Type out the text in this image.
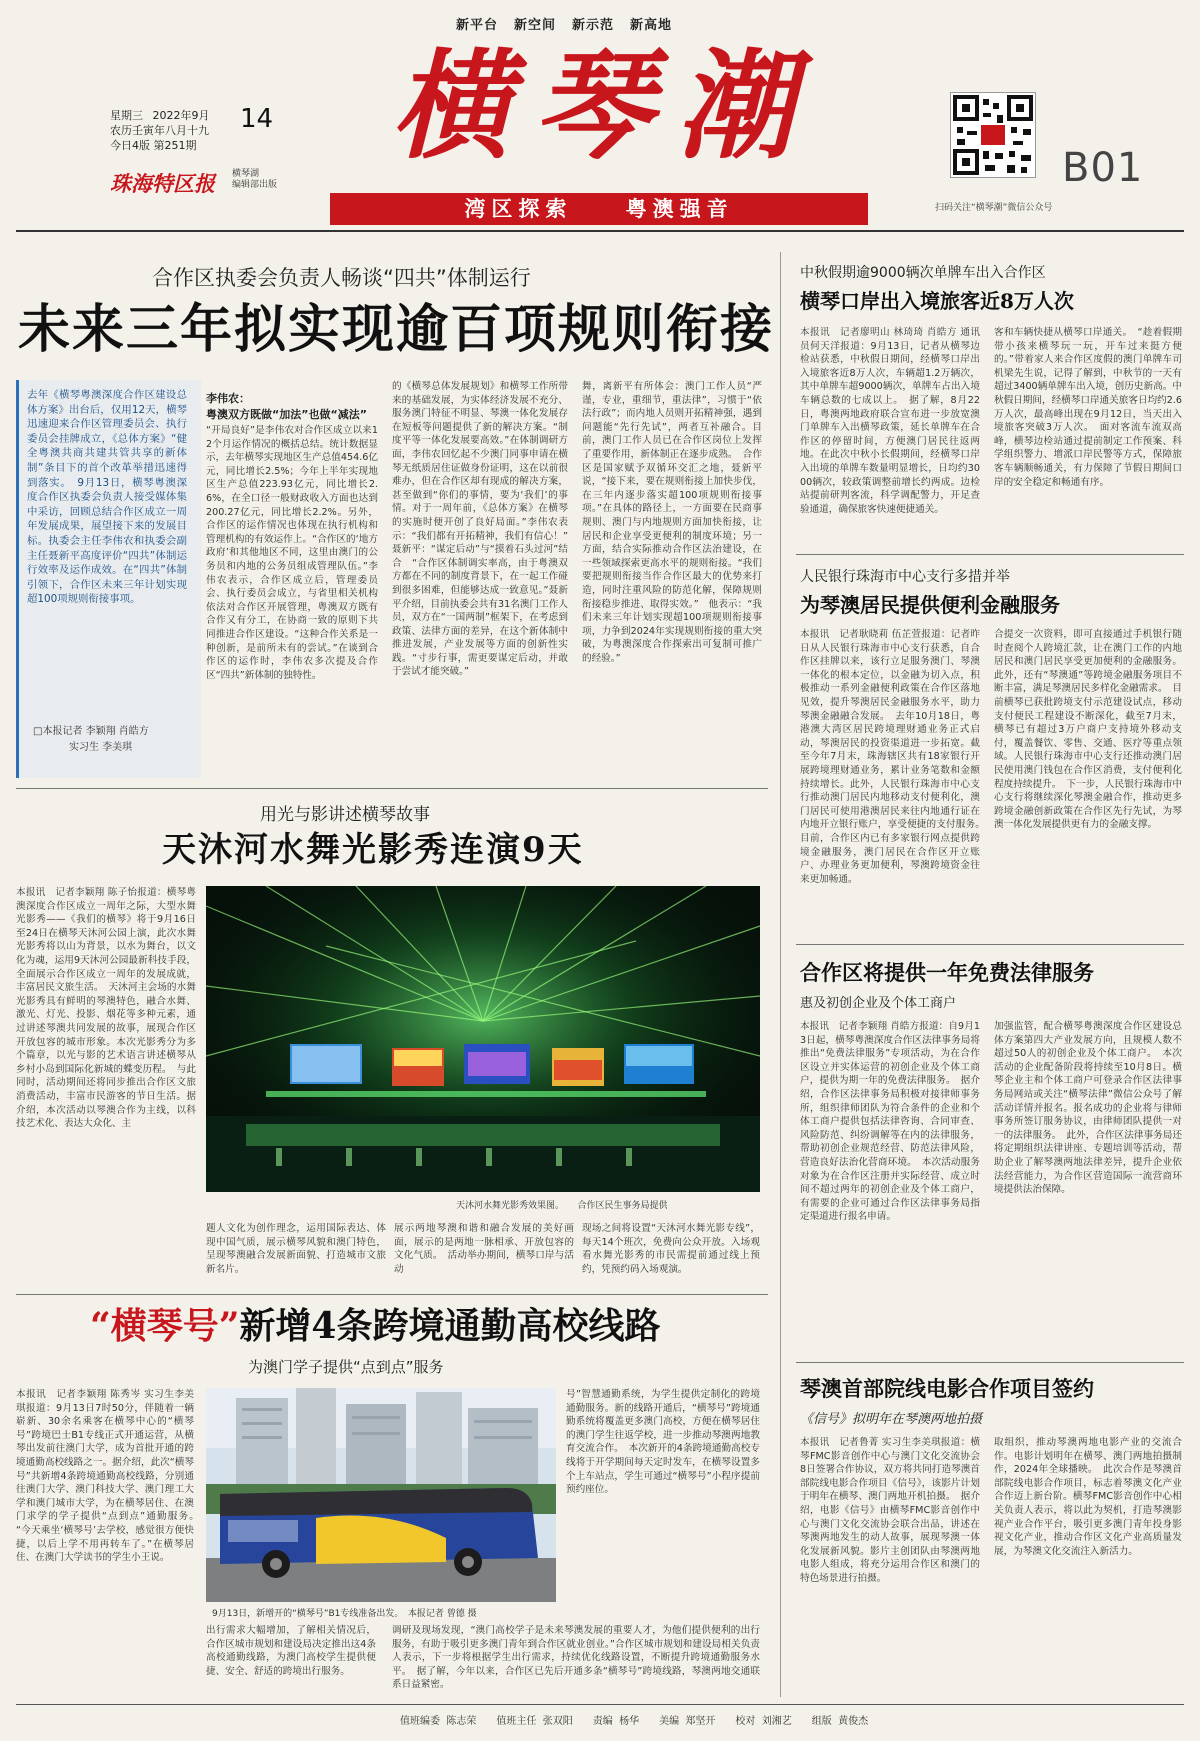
新平台 新空间 新示范 新高地
星期三 2022年9月
农历壬寅年八月十九
今日4版 第251期
14
珠海特区报 横琴湖
编辑部出版
横琴潮
湾区探索    粤澳强音
B01
扫码关注“横琴潮”微信公众号
合作区执委会负责人畅谈“四共”体制运行
未来三年拟实现逾百项规则衔接
去年《横琴粤澳深度合作区建设总体方案》出台后，仅用12天，横琴迅速迎来合作区管理委员会、执行委员会挂牌成立，《总体方案》“健全粤澳共商共建共管共享的新体制”条目下的首个改革举措迅速得到落实。　9月13日，横琴粤澳深度合作区执委会负责人接受媒体集中采访，回顾总结合作区成立一周年发展成果，展望接下来的发展目标。执委会主任李伟农和执委会副主任聂新平高度评价“四共”体制运行效率及运作成效。在“四共”体制引领下，合作区未来三年计划实现超100项规则衔接事项。
□本报记者 李颖翔 肖皓方
实习生 李美琪
李伟农：
粤澳双方既做“加法”也做“减法”
“开局良好”是李伟农对合作区成立以来12个月运作情况的概括总结。统计数据显示，去年横琴实现地区生产总值454.6亿元，同比增长2.5%；今年上半年实现地区生产总值223.93亿元，同比增长2.6%，在全口径一般财政收入方面也达到200.27亿元，同比增长2.2%。另外，合作区的运作情况也体现在执行机构和管理机构的有效运作上。“合作区的‘地方政府’和其他地区不同，这里由澳门的公务员和内地的公务员组成管理队伍。”李伟农表示，合作区成立后，管理委员会、执行委员会成立，与省里相关机构依法对合作区开展管理，粤澳双方既有合作又有分工，在协商一致的原则下共同推进合作区建设。“这种合作关系是一种创新，是前所未有的尝试。”在谈到合作区的运作时，李伟农多次提及合作区“四共”新体制的独特性。
的《横琴总体发展规划》和横琴工作所带来的基础发展，为实体经济发展不充分、服务澳门特征不明显、琴澳一体化发展存在短板等问题提供了新的解决方案。“制度平等一体化发展要高效。”在体制调研方面，李伟农回忆起不少澳门同事申请在横琴无纸质居住证做身份证明，这在以前很难办，但在合作区却有现成的解决方案，甚至做到“你们的事情，要为‘我们’的事情。对于一周年前，《总体方案》在横琴的实施时便开创了良好局面。”李伟农表示：“我们都有开拓精神，我们有信心！”　聂新平：“谋定后动”与“摸着石头过河”结合　“合作区体制调实率高，由于粤澳双方都在不同的制度背景下，在一起工作碰到很多困难，但能够达成一致意见。”聂新平介绍，目前执委会共有31名澳门工作人员，双方在“一国两制”框架下，在考虑到政策、法律方面的差异，在这个新体制中推进发展，产业发展等方面的创新性实践。“寸步行事，需更要谋定后动，并敢于尝试才能突破。”
舞，离新平有所体会：澳门工作人员“严谨，专业，重细节，重法律”，习惯于“依法行政”；而内地人员则开拓精神强，遇到问题能“先行先试”，两者互补融合。目前，澳门工作人员已在合作区岗位上发挥了重要作用，新体制正在逐步成熟。　合作区是国家赋予双循环交汇之地，聂新平说，“接下来，要在规则衔接上加快步伐，在三年内逐步落实超100项规则衔接事项。”在具体的路径上，一方面要在民商事规则、澳门与内地规则方面加快衔接，让居民和企业享受更便利的制度环境；另一方面，结合实际推动合作区法治建设，在一些领域探索更高水平的规则衔接。“我们要把规则衔接当作合作区最大的优势来打造，同时注重风险的防范化解，保障规则衔接稳步推进、取得实效。”　他表示：“我们未来三年计划实现超100项规则衔接事项，力争到2024年实现规则衔接的重大突破，为粤澳深度合作探索出可复制可推广的经验。”
用光与影讲述横琴故事
天沐河水舞光影秀连演9天
本报讯　记者李颖翔 陈子怡报道：横琴粤澳深度合作区成立一周年之际，大型水舞光影秀——《我们的横琴》将于9月16日至24日在横琴天沐河公园上演，此次水舞光影秀将以山为背景，以水为舞台，以文化为魂，运用9天沐河公园最新科技手段，全面展示合作区成立一周年的发展成就，丰富居民文旅生活。　天沐河主会场的水舞光影秀具有鲜明的琴澳特色，融合水舞、激光、灯光、投影、烟花等多种元素，通过讲述琴澳共同发展的故事，展现合作区开放包容的城市形象。本次光影秀分为多个篇章，以光与影的艺术语言讲述横琴从乡村小岛到国际化新城的蝶变历程。　与此同时，活动期间还将同步推出合作区文旅消费活动，丰富市民游客的节日生活。据介绍，本次活动以琴澳合作为主线，以科技艺术化、表达大众化、主
天沐河水舞光影秀效果图。　　合作区民生事务局提供
题人文化为创作理念，运用国际表达、体现中国气质，展示横琴风貌和澳门特色，呈现琴澳融合发展新面貌、打造城市文旅新名片。
展示两地琴澳和谐和融合发展的美好画面，展示的是两地一脉相承、开放包容的文化气质。　活动举办期间，横琴口岸与活动
现场之间将设置“天沐河水舞光影专线”，每天14个班次，免费向公众开放。入场观看水舞光影秀的市民需提前通过线上预约，凭预约码入场观演。
“横琴号”新增4条跨境通勤高校线路
为澳门学子提供“点到点”服务
本报讯　记者李颖翔 陈秀岑 实习生李美琪报道：9月13日7时50分，伴随着一辆崭新、30余名乘客在横琴中心的“横琴号”跨境巴士B1专线正式开通运营，从横琴出发前往澳门大学，成为首批开通的跨境通勤高校线路之一。据介绍，此次“横琴号”共新增4条跨境通勤高校线路，分别通往澳门大学、澳门科技大学、澳门理工大学和澳门城市大学，为在横琴居住、在澳门求学的学子提供“点到点”通勤服务。　“今天乘坐‘横琴号’去学校，感觉很方便快捷，以后上学不用再转车了。”在横琴居住、在澳门大学读书的学生小王说。
9月13日，新增开的“横琴号”B1专线准备出发。　本报记者 曾德 摄
号”智慧通勤系统，为学生提供定制化的跨境通勤服务。新的线路开通后，“横琴号”跨境通勤系统将覆盖更多澳门高校，方便在横琴居住的澳门学生往返学校，进一步推动琴澳两地教育交流合作。　本次新开的4条跨境通勤高校专线将于开学期间每天定时发车，在横琴设置多个上车站点，学生可通过“横琴号”小程序提前预约座位。
出行需求大幅增加，了解相关情况后，合作区城市规划和建设局决定推出这4条高校通勤线路，为澳门高校学生提供便捷、安全、舒适的跨境出行服务。
调研及现场发现，“澳门高校学子是未来琴澳发展的重要人才，为他们提供便利的出行服务，有助于吸引更多澳门青年到合作区就业创业。”合作区城市规划和建设局相关负责人表示，下一步将根据学生出行需求，持续优化线路设置，不断提升跨境通勤服务水平。　据了解，今年以来，合作区已先后开通多条“横琴号”跨境线路，琴澳两地交通联系日益紧密。
中秋假期逾9000辆次单牌车出入合作区
横琴口岸出入境旅客近8万人次
本报讯　记者廖明山 林琦琦 肖皓方 通讯员何天洋报道：9月13日，记者从横琴边检站获悉，中秋假日期间，经横琴口岸出入境旅客近8万人次，车辆超1.2万辆次，其中单牌车超9000辆次，单牌车占出入境车辆总数的七成以上。　据了解，8月22日，粤澳两地政府联合宣布进一步放宽澳门单牌车入出横琴政策，延长单牌车在合作区的停留时间，方便澳门居民往返两地。在此次中秋小长假期间，经横琴口岸入出境的单牌车数量明显增长，日均约3000辆次，较政策调整前增长约两成。边检站提前研判客流，科学调配警力，开足查验通道，确保旅客快速便捷通关。
客和车辆快捷从横琴口岸通关。　“趁着假期带小孩来横琴玩一玩，开车过来挺方便的。”带着家人来合作区度假的澳门单牌车司机梁先生说，记得了解到，中秋节的一天有超过3400辆单牌车出入境，创历史新高。中秋假日期间，经横琴口岸通关旅客日均约2.6万人次，最高峰出现在9月12日，当天出入境旅客突破3万人次。　面对客流车流双高峰，横琴边检站通过提前制定工作预案、科学组织警力、增派口岸民警等方式，保障旅客车辆顺畅通关，有力保障了节假日期间口岸的安全稳定和畅通有序。
人民银行珠海市中心支行多措并举
为琴澳居民提供便利金融服务
本报讯　记者耿晓莉 伍芷萱报道：记者昨日从人民银行珠海市中心支行获悉，自合作区挂牌以来，该行立足服务澳门、琴澳一体化的根本定位，以金融为切入点，积极推动一系列金融便利政策在合作区落地见效，提升琴澳居民金融服务水平，助力琴澳金融融合发展。　去年10月18日，粤港澳大湾区居民跨境理财通业务正式启动，琴澳居民的投资渠道进一步拓宽。截至今年7月末，珠海辖区共有18家银行开展跨境理财通业务，累计业务笔数和金额持续增长。此外，人民银行珠海市中心支行推动澳门居民内地移动支付便利化，澳门居民可使用港澳居民来往内地通行证在内地开立银行账户，享受便捷的支付服务。　目前，合作区内已有多家银行网点提供跨境金融服务，澳门居民在合作区开立账户、办理业务更加便利，琴澳跨境资金往来更加畅通。
合提交一次资料，即可直接通过手机银行随时查阅个人跨境汇款，让在澳门工作的内地居民和澳门居民享受更加便利的金融服务。此外，还有“琴澳通”等跨境金融服务项目不断丰富，满足琴澳居民多样化金融需求。　目前横琴已获批跨境支付示范建设试点，移动支付便民工程建设不断深化，截至7月末，横琴已有超过3万户商户支持境外移动支付，覆盖餐饮、零售、交通、医疗等重点领域。人民银行珠海市中心支行还推动澳门居民使用澳门钱包在合作区消费，支付便利化程度持续提升。　下一步，人民银行珠海市中心支行将继续深化琴澳金融合作，推动更多跨境金融创新政策在合作区先行先试，为琴澳一体化发展提供更有力的金融支撑。
合作区将提供一年免费法律服务
惠及初创企业及个体工商户
本报讯　记者李颖翔 肖皓方报道：自9月13日起，横琴粤澳深度合作区法律事务局将推出“免费法律服务”专项活动，为在合作区设立并实体运营的初创企业及个体工商户，提供为期一年的免费法律服务。　据介绍，合作区法律事务局积极对接律师事务所，组织律师团队为符合条件的企业和个体工商户提供包括法律咨询、合同审查、风险防范、纠纷调解等在内的法律服务，帮助初创企业规范经营、防范法律风险，营造良好法治化营商环境。　本次活动服务对象为在合作区注册并实际经营、成立时间不超过两年的初创企业及个体工商户，有需要的企业可通过合作区法律事务局指定渠道进行报名申请。
加强监管，配合横琴粤澳深度合作区建设总体方案第四大产业发展方向，且规模人数不超过50人的初创企业及个体工商户。　本次活动的企业配备阶段将持续至10月8日。横琴企业主和个体工商户可登录合作区法律事务局网站或关注“横琴法律”微信公众号了解活动详情并报名。报名成功的企业将与律师事务所签订服务协议，由律师团队提供一对一的法律服务。　此外，合作区法律事务局还将定期组织法律讲座、专题培训等活动，帮助企业了解琴澳两地法律差异，提升企业依法经营能力，为合作区营造国际一流营商环境提供法治保障。
琴澳首部院线电影合作项目签约
《信号》拟明年在琴澳两地拍摄
本报讯　记者鲁菁 实习生李美琪报道：横琴FMC影音创作中心与澳门文化交流协会8日签署合作协议，双方将共同打造琴澳首部院线电影合作项目《信号》，该影片计划于明年在横琴、澳门两地开机拍摄。　据介绍，电影《信号》由横琴FMC影音创作中心与澳门文化交流协会联合出品，讲述在琴澳两地发生的动人故事，展现琴澳一体化发展新风貌。影片主创团队由琴澳两地电影人组成，将充分运用合作区和澳门的特色场景进行拍摄。
取组织，推动琴澳两地电影产业的交流合作。电影计划明年在横琴、澳门两地拍摄制作，2024年全球播映。　此次合作是琴澳首部院线电影合作项目，标志着琴澳文化产业合作迈上新台阶。横琴FMC影音创作中心相关负责人表示，将以此为契机，打造琴澳影视产业合作平台，吸引更多澳门青年投身影视文化产业，推动合作区文化产业高质量发展，为琴澳文化交流注入新活力。
值班编委  陈志荣　　值班主任  张双阳　　责编  杨华　　美编  郑坚开　　校对  刘湘艺　　组版  黄俊杰
